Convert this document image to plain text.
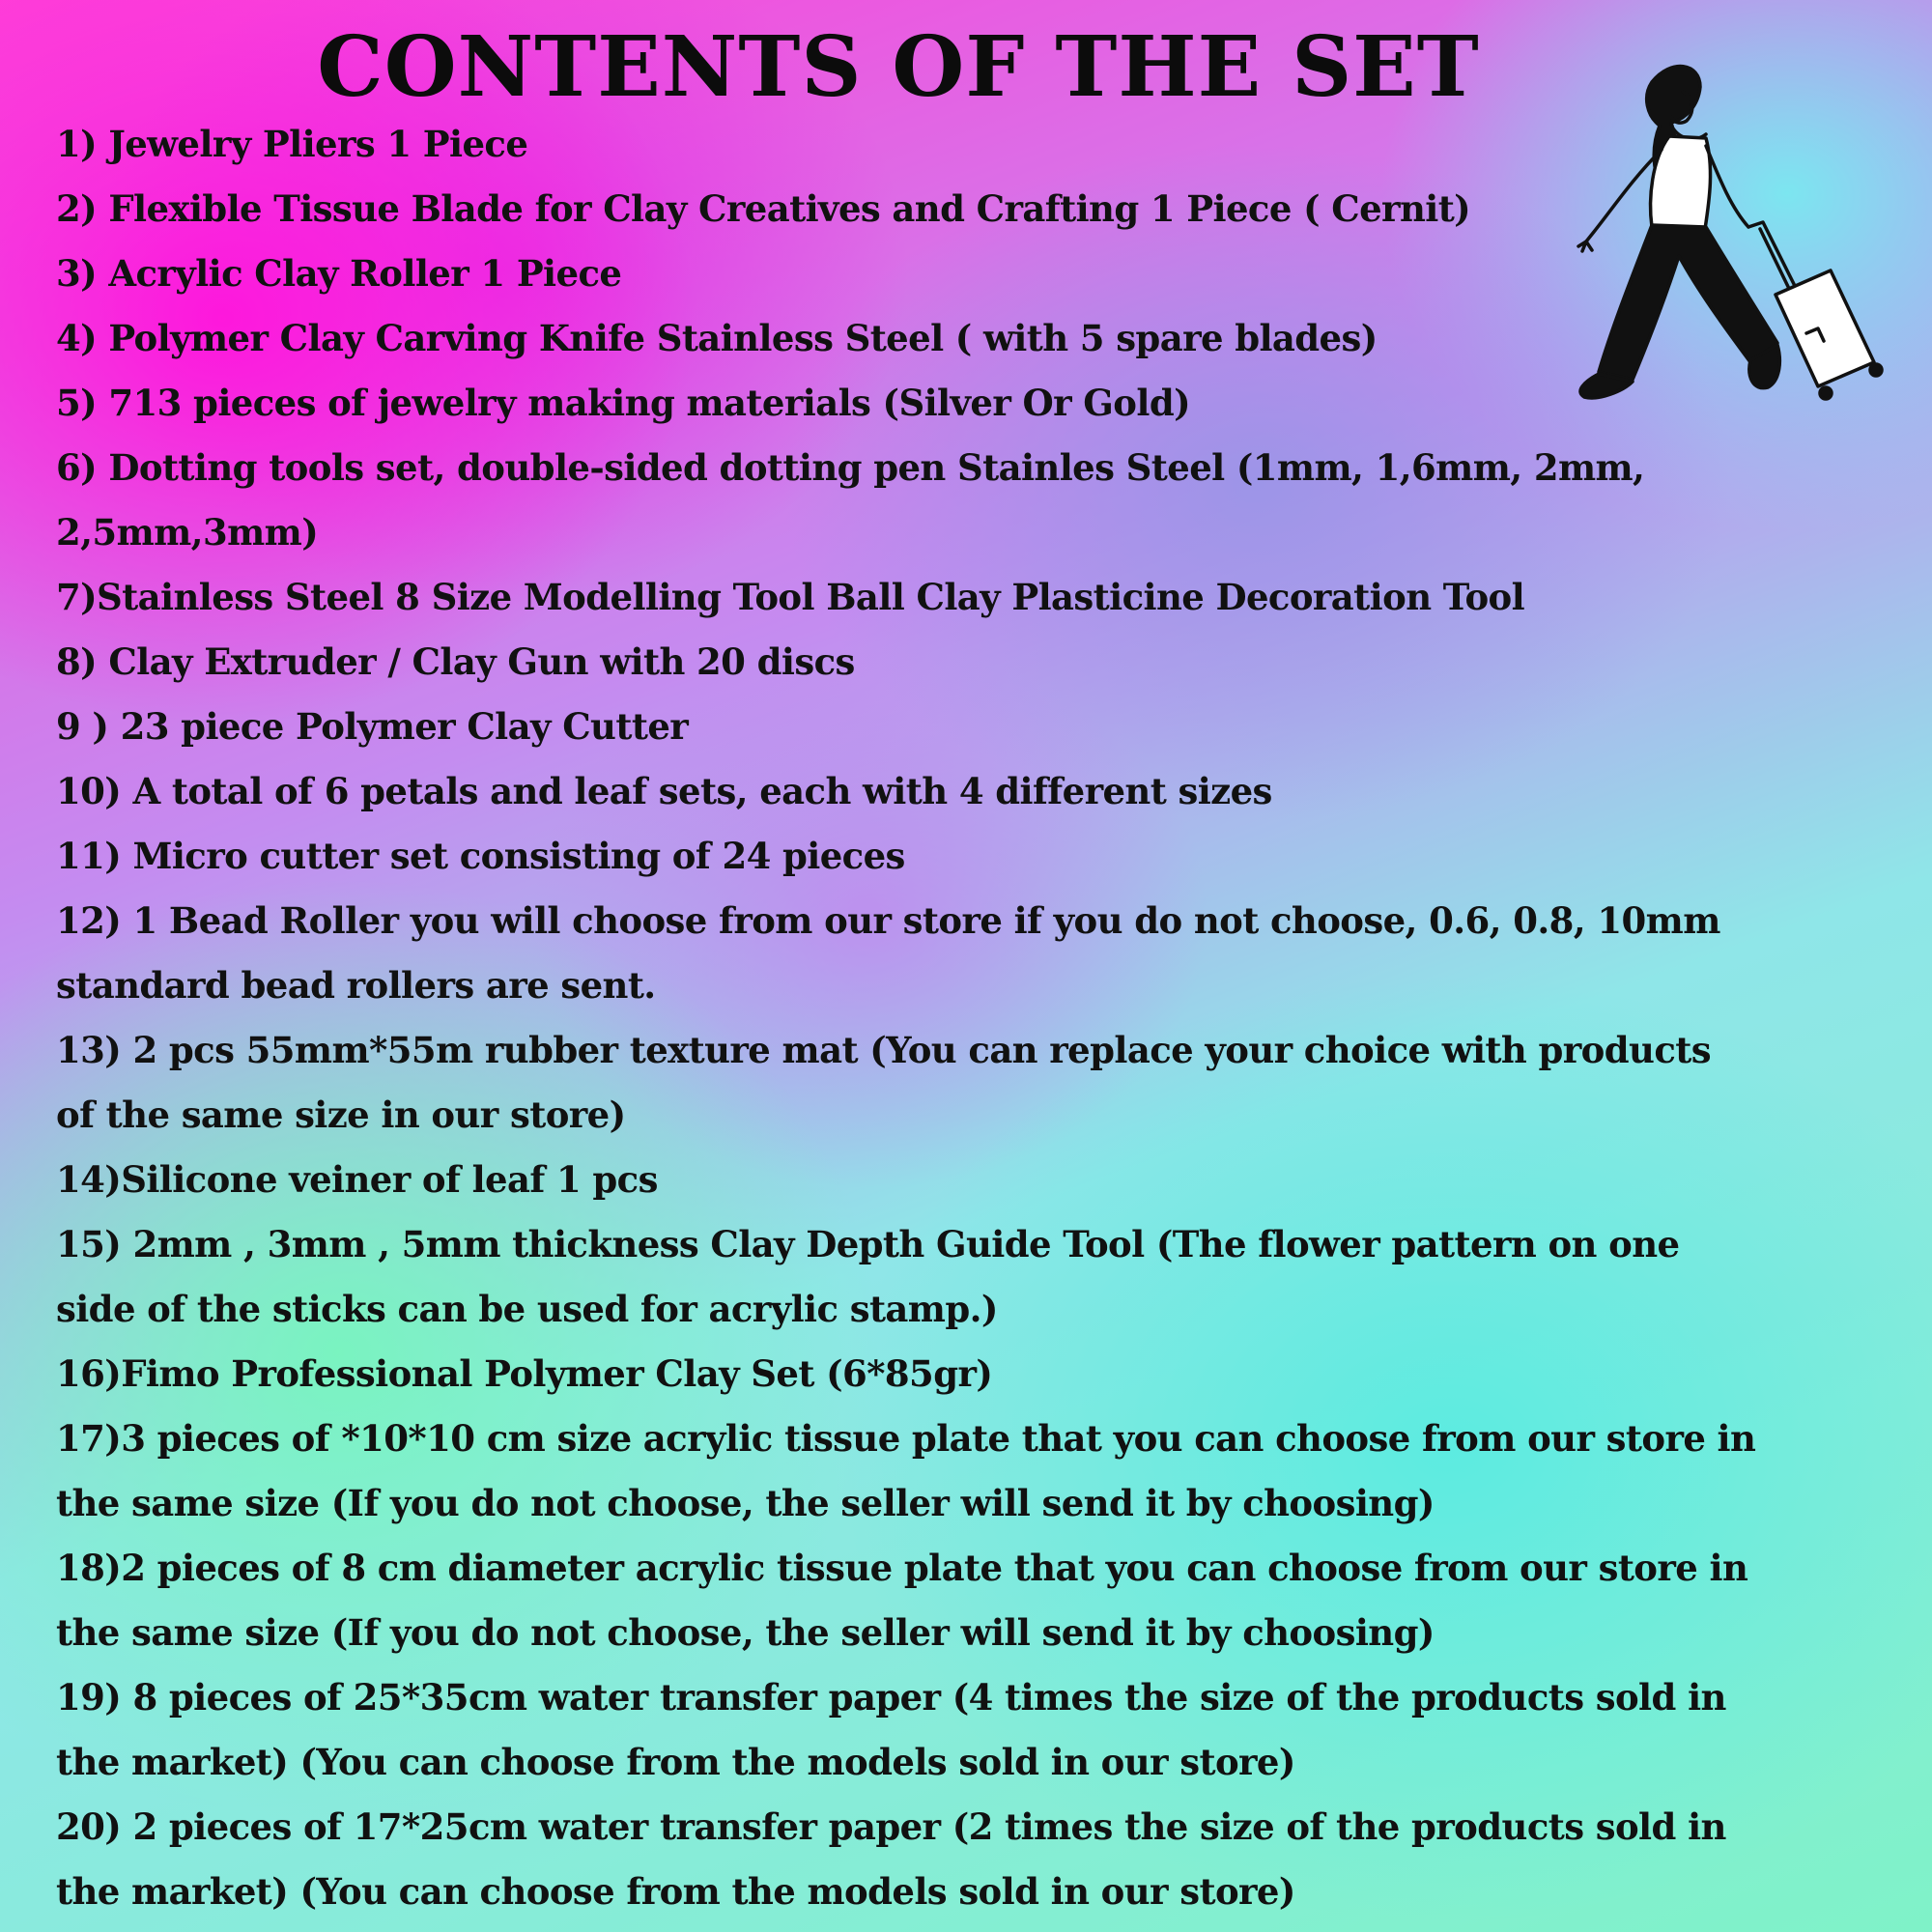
CONTENTS OF THE SET
1) Jewelry Pliers 1 Piece
2) Flexible Tissue Blade for Clay Creatives and Crafting 1 Piece ( Cernit)
3) Acrylic Clay Roller 1 Piece
4) Polymer Clay Carving Knife Stainless Steel ( with 5 spare blades)
5) 713 pieces of jewelry making materials (Silver Or Gold)
6) Dotting tools set, double-sided dotting pen Stainles Steel (1mm, 1,6mm, 2mm,
2,5mm,3mm)
7)Stainless Steel 8 Size Modelling Tool Ball Clay Plasticine Decoration Tool
8) Clay Extruder / Clay Gun with 20 discs
9 ) 23 piece Polymer Clay Cutter
10) A total of 6 petals and leaf sets, each with 4 different sizes
11) Micro cutter set consisting of 24 pieces
12) 1 Bead Roller you will choose from our store if you do not choose, 0.6, 0.8, 10mm
standard bead rollers are sent.
13) 2 pcs 55mm*55m rubber texture mat (You can replace your choice with products
of the same size in our store)
14)Silicone veiner of leaf 1 pcs
15) 2mm , 3mm , 5mm thickness Clay Depth Guide Tool (The flower pattern on one
side of the sticks can be used for acrylic stamp.)
16)Fimo Professional Polymer Clay Set (6*85gr)
17)3 pieces of *10*10 cm size acrylic tissue plate that you can choose from our store in
the same size (If you do not choose, the seller will send it by choosing)
18)2 pieces of 8 cm diameter acrylic tissue plate that you can choose from our store in
the same size (If you do not choose, the seller will send it by choosing)
19) 8 pieces of 25*35cm water transfer paper (4 times the size of the products sold in
the market) (You can choose from the models sold in our store)
20) 2 pieces of 17*25cm water transfer paper (2 times the size of the products sold in
the market) (You can choose from the models sold in our store)
